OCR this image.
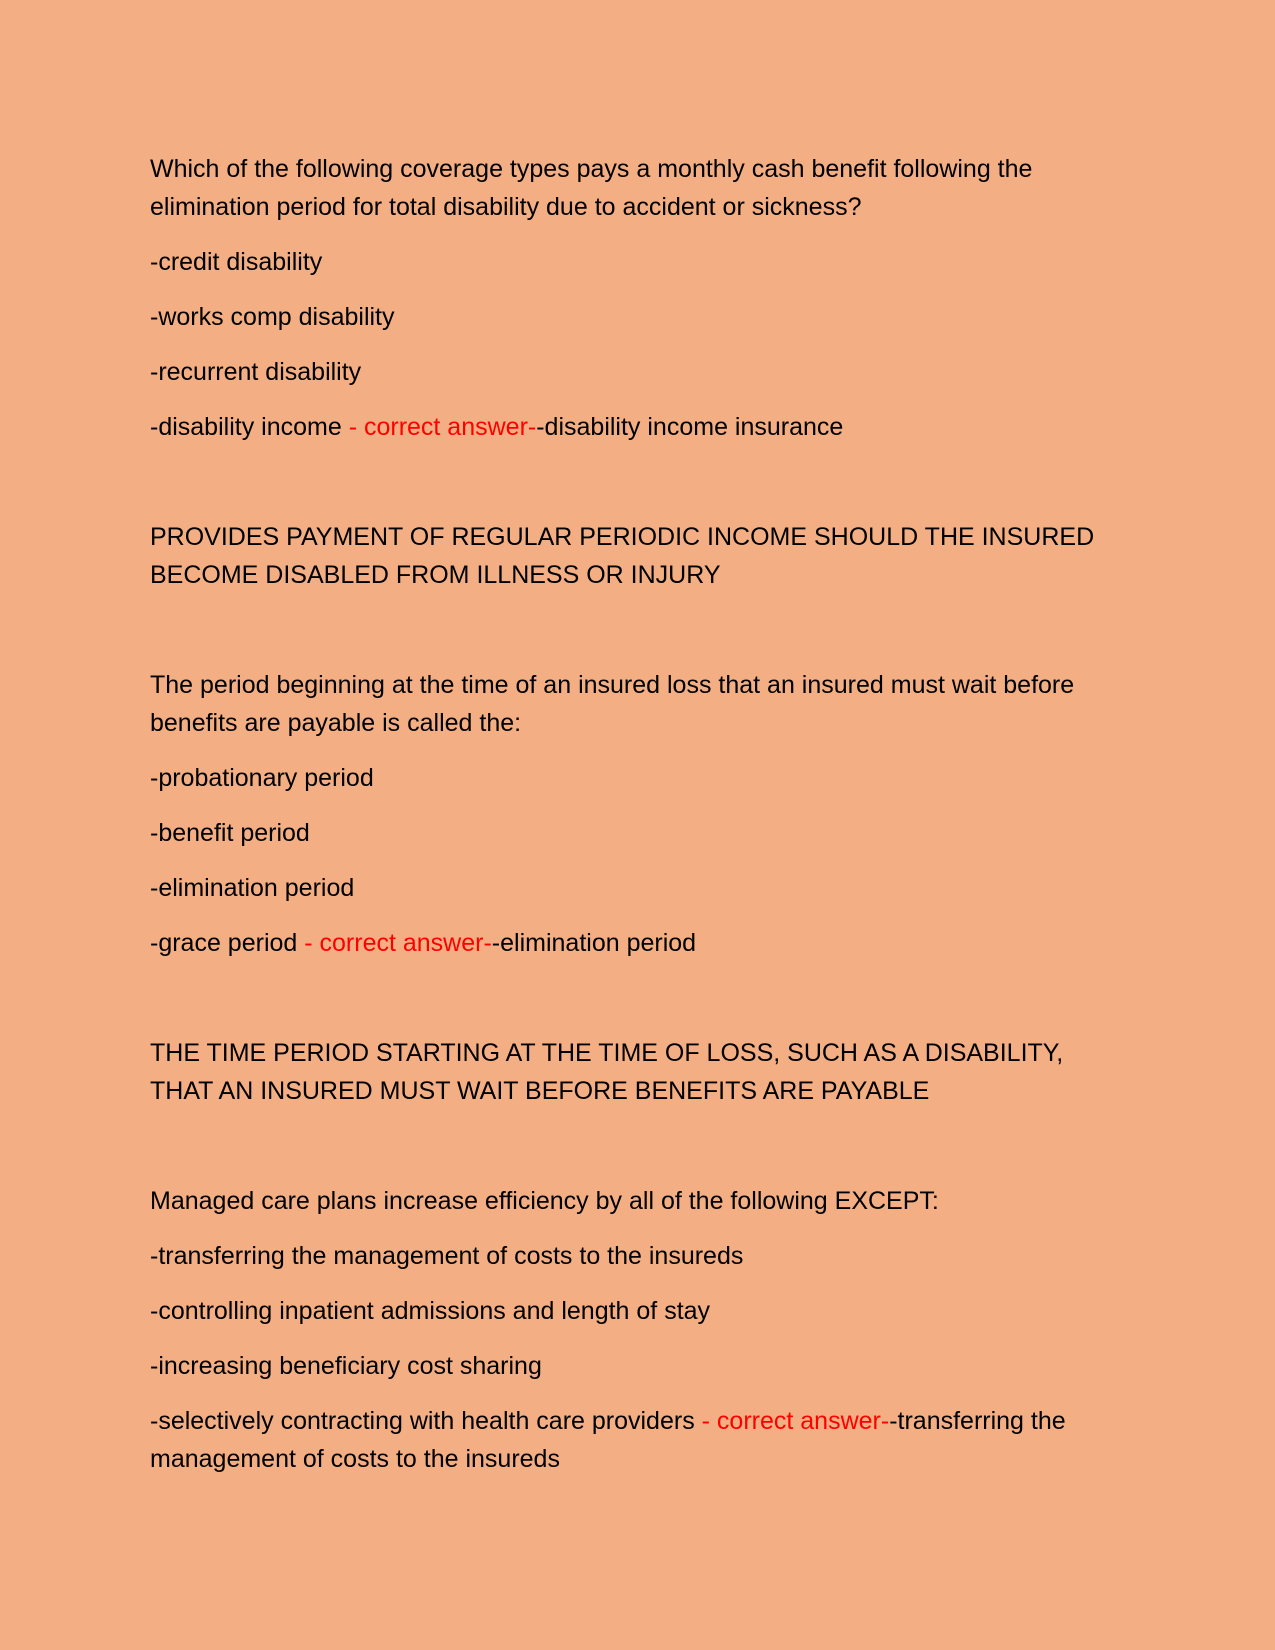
Which of the following coverage types pays a monthly cash benefit following the elimination period for total disability due to accident or sickness?

-credit disability

-works comp disability

-recurrent disability

-disability income - correct answer--disability income insurance

PROVIDES PAYMENT OF REGULAR PERIODIC INCOME SHOULD THE INSURED BECOME DISABLED FROM ILLNESS OR INJURY

The period beginning at the time of an insured loss that an insured must wait before benefits are payable is called the:

-probationary period

-benefit period

-elimination period

-grace period - correct answer--elimination period

THE TIME PERIOD STARTING AT THE TIME OF LOSS, SUCH AS A DISABILITY, THAT AN INSURED MUST WAIT BEFORE BENEFITS ARE PAYABLE

Managed care plans increase efficiency by all of the following EXCEPT:

-transferring the management of costs to the insureds

-controlling inpatient admissions and length of stay

-increasing beneficiary cost sharing

-selectively contracting with health care providers - correct answer--transferring the management of costs to the insureds
